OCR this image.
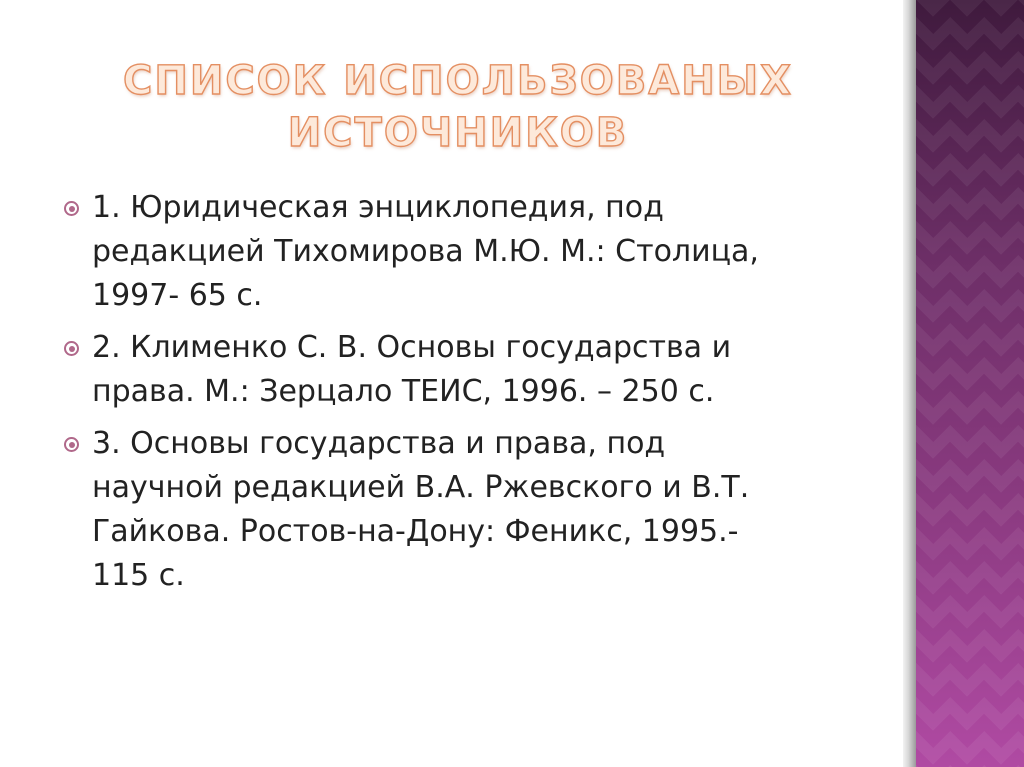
СПИСОК ИСПОЛЬЗОВАНЫХ
ИСТОЧНИКОВ
1. Юридическая энциклопедия, под
редакцией Тихомирова М.Ю. М.: Столица,
1997- 65 с.
2. Клименко С. В. Основы государства и
права. М.: Зерцало ТЕИС, 1996. – 250 с.
3. Основы государства и права, под
научной редакцией В.А. Ржевского и В.Т.
Гайкова. Ростов-на-Дону: Феникс, 1995.-
115 с.
